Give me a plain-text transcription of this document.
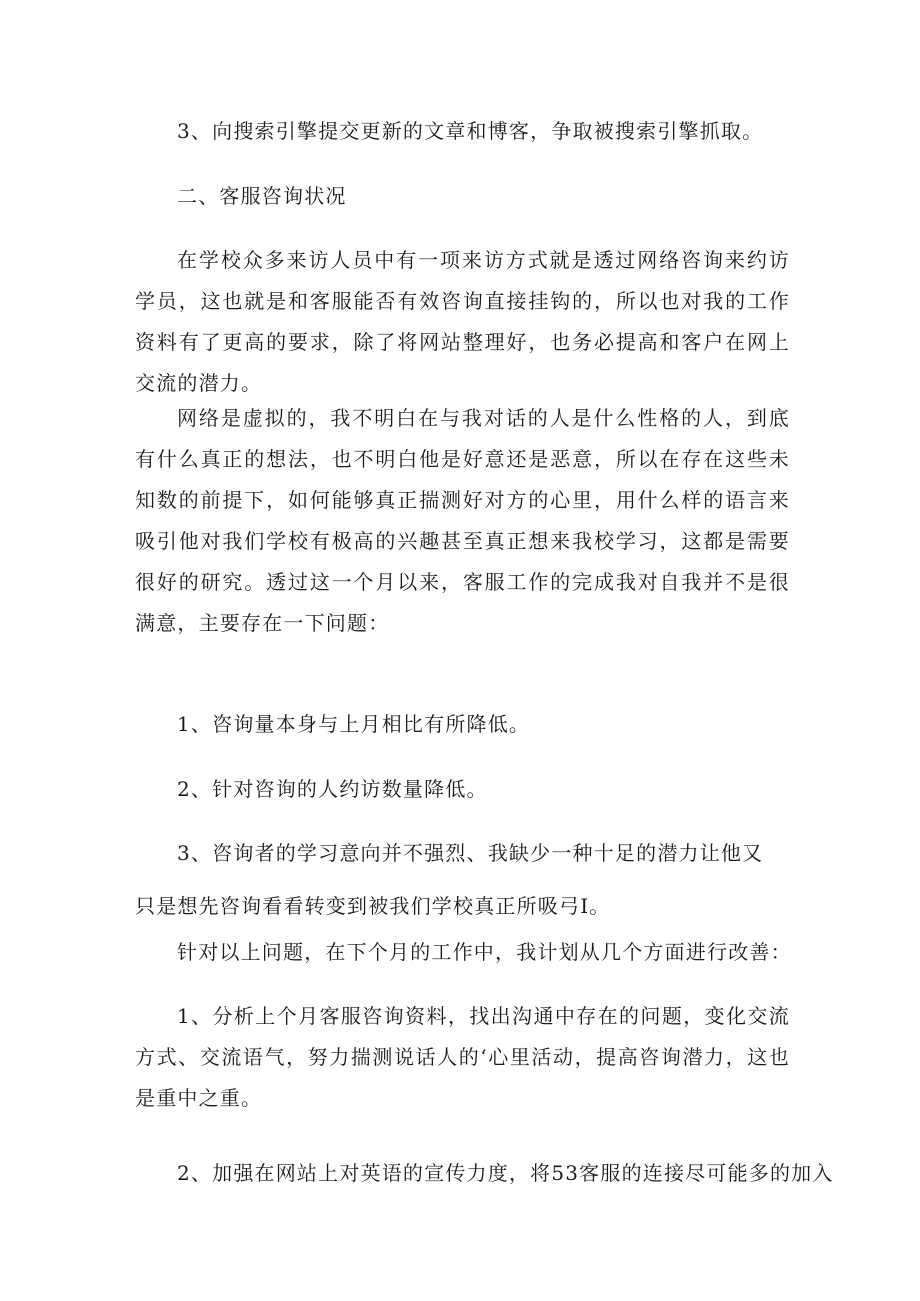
3、向搜索引擎提交更新的文章和博客，争取被搜索引擎抓取。

二、客服咨询状况

在学校众多来访人员中有一项来访方式就是透过网络咨询来约访学员，这也就是和客服能否有效咨询直接挂钩的，所以也对我的工作资料有了更高的要求，除了将网站整理好，也务必提高和客户在网上交流的潜力。

网络是虚拟的，我不明白在与我对话的人是什么性格的人，到底有什么真正的想法，也不明白他是好意还是恶意，所以在存在这些未知数的前提下，如何能够真正揣测好对方的心里，用什么样的语言来吸引他对我们学校有极高的兴趣甚至真正想来我校学习，这都是需要很好的研究。透过这一个月以来，客服工作的完成我对自我并不是很满意，主要存在一下问题：

1、咨询量本身与上月相比有所降低。

2、针对咨询的人约访数量降低。

3、咨询者的学习意向并不强烈、我缺少一种十足的潜力让他又

只是想先咨询看看转变到被我们学校真正所吸弓I。

针对以上问题，在下个月的工作中，我计划从几个方面进行改善：

1、分析上个月客服咨询资料，找出沟通中存在的问题，变化交流方式、交流语气，努力揣测说话人的‘心里活动，提高咨询潜力，这也是重中之重。

2、加强在网站上对英语的宣传力度，将53客服的连接尽可能多的加入
